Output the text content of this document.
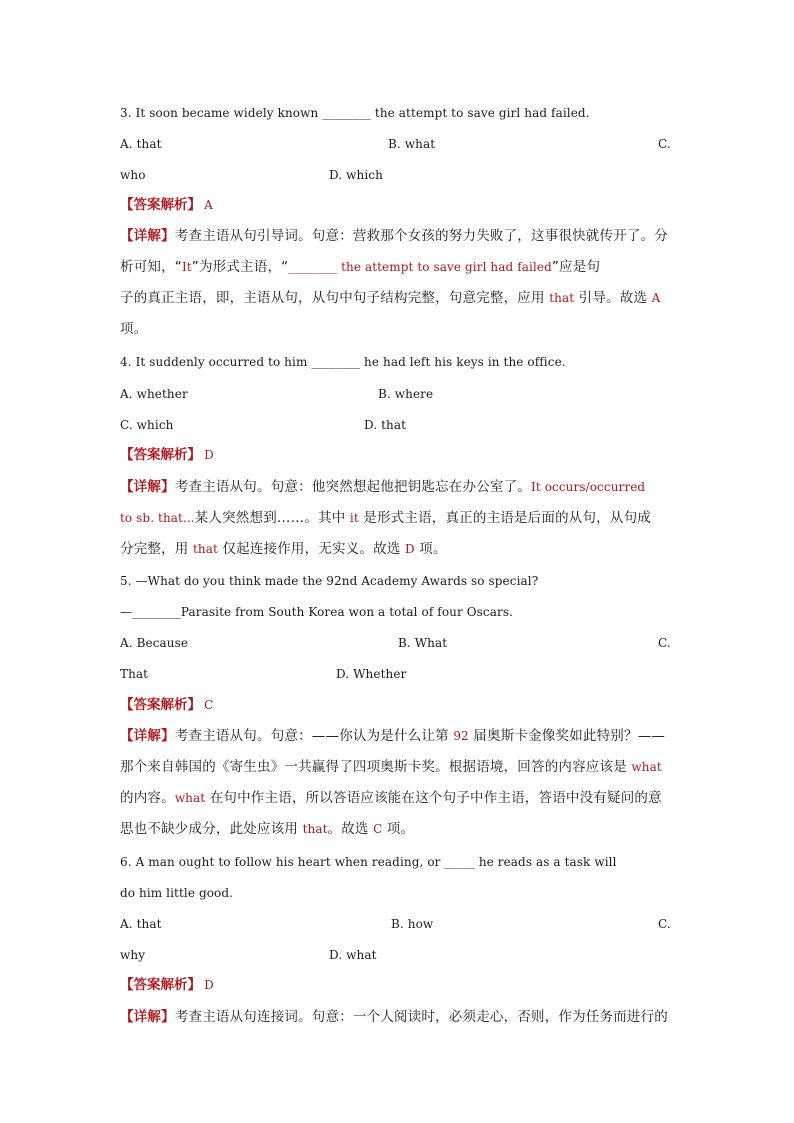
3. It soon became widely known ________ the attempt to save girl had failed.
A. that	B. what	C.
who	D. which
【答案解析】 A
【详解】考查主语从句引导词。句意：营救那个女孩的努力失败了，这事很快就传开了。分
析可知，“It”为形式主语，“________ the attempt to save girl had failed”应是句
子的真正主语，即，主语从句，从句中句子结构完整，句意完整，应用 that 引导。故选 A
项。
4. It suddenly occurred to him ________ he had left his keys in the office.
A. whether	B. where
C. which	D. that
【答案解析】 D
【详解】考查主语从句。句意：他突然想起他把钥匙忘在办公室了。It occurs/occurred
to sb. that...某人突然想到……。其中 it 是形式主语，真正的主语是后面的从句，从句成
分完整，用 that 仅起连接作用，无实义。故选 D 项。
5. —What do you think made the 92nd Academy Awards so special?
—________Parasite from South Korea won a total of four Oscars.
A. Because	B. What	C.
That	D. Whether
【答案解析】 C
【详解】考查主语从句。句意：——你认为是什么让第 92 届奥斯卡金像奖如此特别？——
那个来自韩国的《寄生虫》一共赢得了四项奥斯卡奖。根据语境，回答的内容应该是 what
的内容。what 在句中作主语，所以答语应该能在这个句子中作主语，答语中没有疑问的意
思也不缺少成分，此处应该用 that。故选 C 项。
6. A man ought to follow his heart when reading, or _____ he reads as a task will
do him little good.
A. that	B. how	C.
why	D. what
【答案解析】 D
【详解】考查主语从句连接词。句意：一个人阅读时，必须走心，否则，作为任务而进行的
